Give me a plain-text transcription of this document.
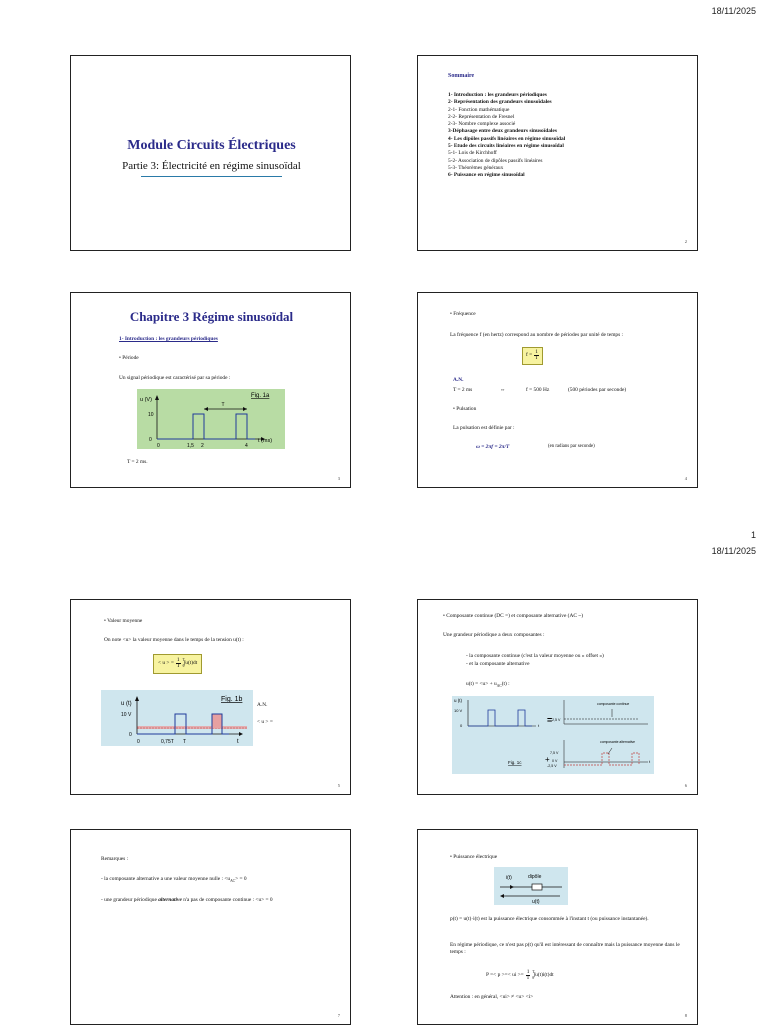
18/11/2025
1
18/11/2025
Module Circuits Électriques
Partie 3: Électricité en régime sinusoïdal
Sommaire
1- Introduction : les grandeurs périodiques
2- Représentation des grandeurs sinusoïdales
2-1- Fonction mathématique
2-2- Représentation de Fresnel
2-3- Nombre complexe associé
3-Déphasage entre deux grandeurs sinusoïdales
4- Les dipôles passifs linéaires en régime sinusoïdal
5- Etude des circuits linéaires en régime sinusoïdal
5-1- Lois de Kirchhoff
5-2- Association de dipôles passifs linéaires
5-3- Théorèmes généraux
6- Puissance en régime sinusoïdal
2
Chapitre 3 Régime sinusoïdal
1- Introduction : les grandeurs périodiques
• Période
Un signal périodique est caractérisé par sa période :
T
u (V)
10
0
0	1,5 2	4
t (ms)
Fig. 1a
T = 2 ms.
3
• Fréquence
La fréquence f (en hertz) correspond au nombre de périodes par unité de temps :
$f = \frac{1}{T}$
A.N.
T = 2 ms	⇔	f = 500 Hz	(500 périodes par seconde)
• Pulsation
La pulsation est définie par :
ω = 2πf = 2π/T	(en radians par seconde)
4
• Valeur moyenne
On note <u> la valeur moyenne dans le temps de la tension u(t) :
< u > = $\frac{1}{T}$ T
0
∫u(t)dt
u (t)
10 V
0
0	0,75T T	t
Fig. 1b
A.N.
< u > =
5
• Composante continue (DC =) et composante alternative (AC ~)
Une grandeur périodique a deux composantes :
- la composante continue (c'est la valeur moyenne ou « offset »)
- et la composante alternative
$u(t) = <u> + u_{AC}(t)$ :
u (t)
10 V
0	t
=
composante continue
2,5 V
+
composante alternative
7,5 V
0 V
-2,5 V
t
Fig. 1c
6
Remarques :
- la composante alternative a une valeur moyenne nulle : $<u_{AC}> = 0$
- une grandeur périodique alternative n'a pas de composante continue : <u> = 0
7
• Puissance électrique
i(t)	dipôle
u(t)
p(t) = u(t)·i(t) est la puissance électrique consommée à l'instant t (ou puissance instantanée).
En régime périodique, ce n'est pas p(t) qu'il est intéressant de connaître mais la puissance moyenne dans le temps :
P =< p >=< ui >= $\frac{1}{T}$ T
0
∫u(t)i(t)dt
Attention : en général, <ui> ≠ <u> <i>
8
